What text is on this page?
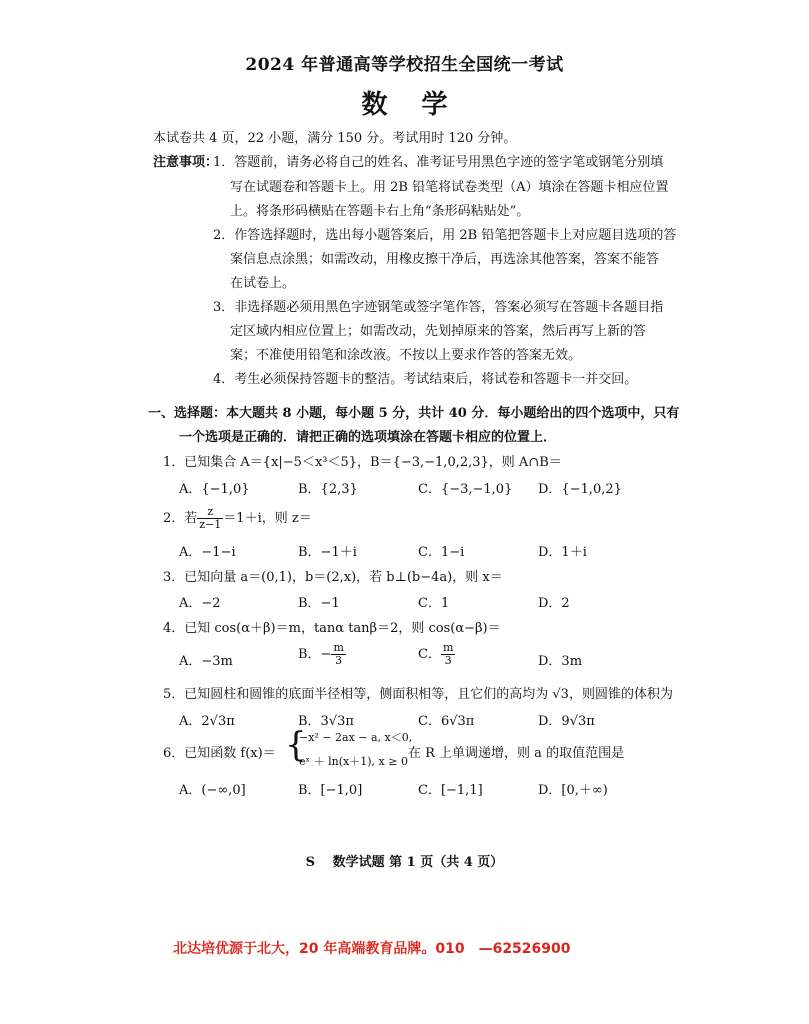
2024 年普通高等学校招生全国统一考试
数学
本试卷共 4 页，22 小题，满分 150 分。考试用时 120 分钟。
注意事项：
1．答题前，请务必将自己的姓名、准考证号用黑色字迹的签字笔或钢笔分别填
写在试题卷和答题卡上。用 2B 铅笔将试卷类型（A）填涂在答题卡相应位置
上。将条形码横贴在答题卡右上角“条形码粘贴处”。
2．作答选择题时，选出每小题答案后，用 2B 铅笔把答题卡上对应题目选项的答
案信息点涂黑；如需改动，用橡皮擦干净后，再选涂其他答案，答案不能答
在试卷上。
3．非选择题必须用黑色字迹钢笔或签字笔作答，答案必须写在答题卡各题目指
定区域内相应位置上；如需改动，先划掉原来的答案，然后再写上新的答
案；不准使用铅笔和涂改液。不按以上要求作答的答案无效。
4．考生必须保持答题卡的整洁。考试结束后，将试卷和答题卡一并交回。
一、选择题：本大题共 8 小题，每小题 5 分，共计 40 分．每小题给出的四个选项中，只有
一个选项是正确的．请把正确的选项填涂在答题卡相应的位置上．
1．已知集合 A＝{x|−5＜x³＜5}，B＝{−3,−1,0,2,3}，则 A∩B＝
A．{−1,0}	B．{2,3}	C．{−3,−1,0} D．{−1,0,2}
2．若 $\frac{z}{z-1} =1+i$，则 z＝
A．−1−i	B．−1＋i	C．1−i	D．1＋i
3．已知向量 a＝(0,1)，b＝(2,x)，若 b⊥(b−4a)，则 x＝
A．−2	B．−1	C．1	D．2
4．已知 cos(α＋β)＝m，tanα tanβ＝2，则 cos(α−β)＝
A．−3m	B．− $\frac{m}{3}$	C． $\frac{m}{3}$	D．3m
5．已知圆柱和圆锥的底面半径相等，侧面积相等，且它们的高均为 √3，则圆锥的体积为
A．2√3π	B．3√3π	C．6√3π	D．9√3π
6．已知函数 f(x)＝ {
−x² − 2ax − a, x＜0,
eˣ ＋ ln(x＋1), x ≥ 0
在 R 上单调递增，则 a 的取值范围是
A．(−∞,0]	B．[−1,0]	C．[−1,1]	D．[0,＋∞)
S　 数学试题 第 1 页（共 4 页）
北达培优源于北大，20 年高端教育品牌。010　—62526900
